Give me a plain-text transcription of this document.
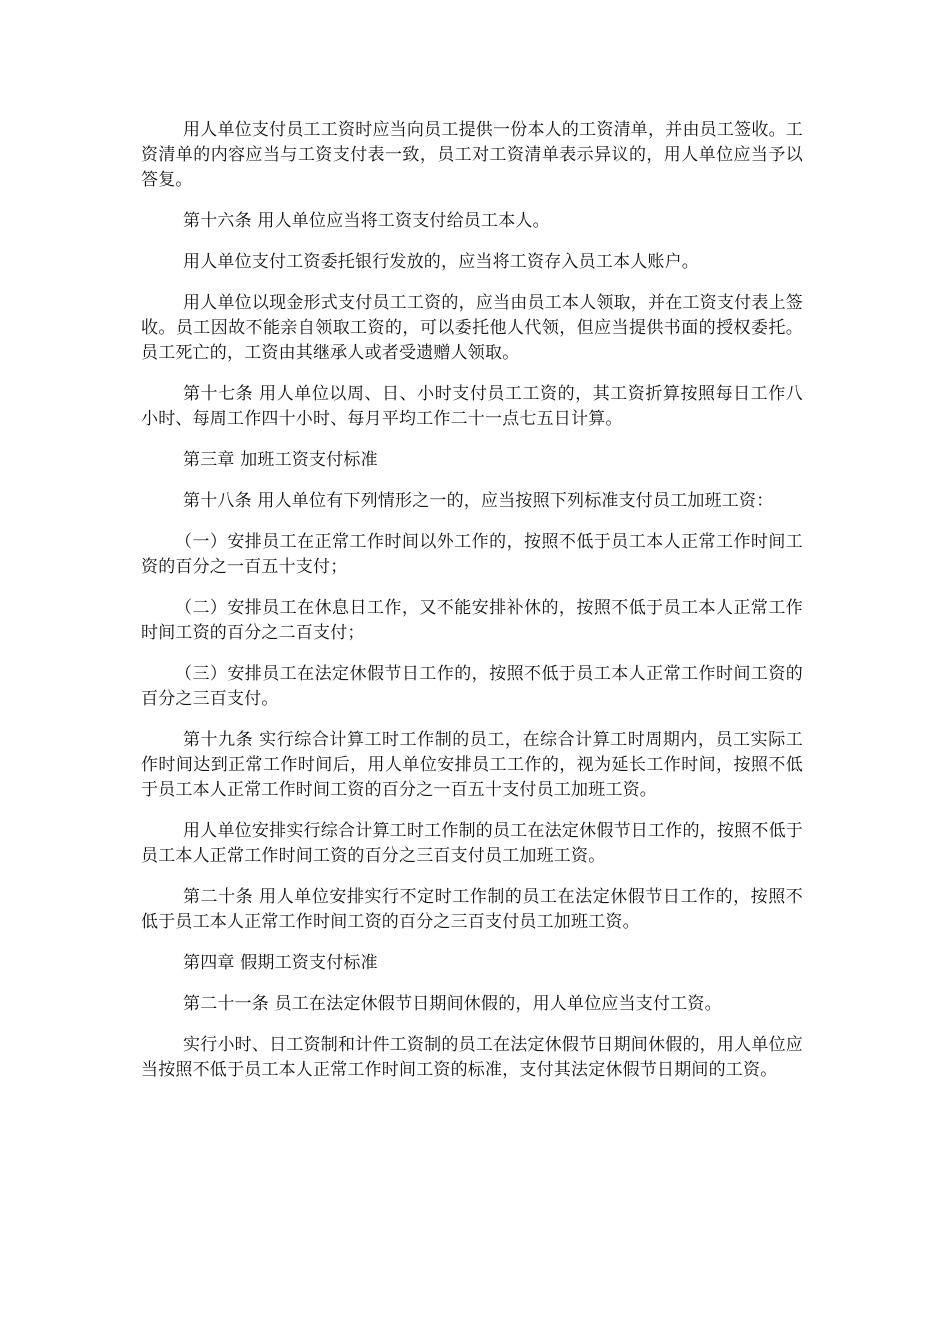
用人单位支付员工工资时应当向员工提供一份本人的工资清单，并由员工签收。工资清单的内容应当与工资支付表一致，员工对工资清单表示异议的，用人单位应当予以答复。

第十六条 用人单位应当将工资支付给员工本人。

用人单位支付工资委托银行发放的，应当将工资存入员工本人账户。

用人单位以现金形式支付员工工资的，应当由员工本人领取，并在工资支付表上签收。员工因故不能亲自领取工资的，可以委托他人代领，但应当提供书面的授权委托。员工死亡的，工资由其继承人或者受遗赠人领取。

第十七条 用人单位以周、日、小时支付员工工资的，其工资折算按照每日工作八小时、每周工作四十小时、每月平均工作二十一点七五日计算。

第三章 加班工资支付标准

第十八条 用人单位有下列情形之一的，应当按照下列标准支付员工加班工资：

（一）安排员工在正常工作时间以外工作的，按照不低于员工本人正常工作时间工资的百分之一百五十支付；

（二）安排员工在休息日工作，又不能安排补休的，按照不低于员工本人正常工作时间工资的百分之二百支付；

（三）安排员工在法定休假节日工作的，按照不低于员工本人正常工作时间工资的百分之三百支付。

第十九条 实行综合计算工时工作制的员工，在综合计算工时周期内，员工实际工作时间达到正常工作时间后，用人单位安排员工工作的，视为延长工作时间，按照不低于员工本人正常工作时间工资的百分之一百五十支付员工加班工资。

用人单位安排实行综合计算工时工作制的员工在法定休假节日工作的，按照不低于员工本人正常工作时间工资的百分之三百支付员工加班工资。

第二十条 用人单位安排实行不定时工作制的员工在法定休假节日工作的，按照不低于员工本人正常工作时间工资的百分之三百支付员工加班工资。

第四章 假期工资支付标准

第二十一条 员工在法定休假节日期间休假的，用人单位应当支付工资。

实行小时、日工资制和计件工资制的员工在法定休假节日期间休假的，用人单位应当按照不低于员工本人正常工作时间工资的标准，支付其法定休假节日期间的工资。
